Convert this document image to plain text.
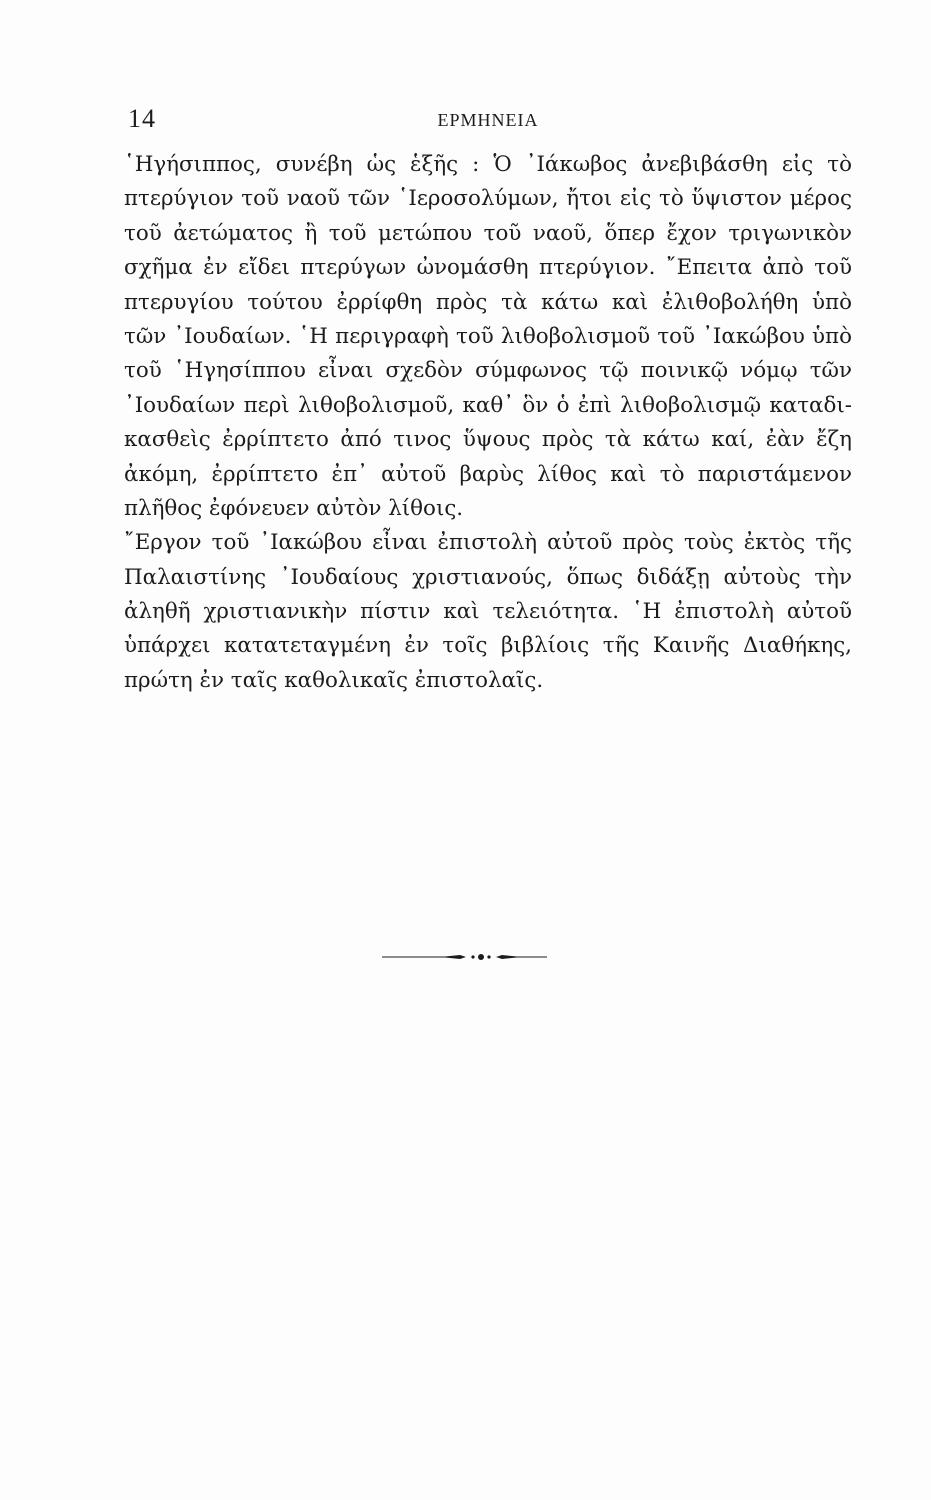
14	ΕΡΜΗΝΕΙΑ
῾Ηγήσιππος, συνέβη ὡς ἑξῆς : Ὁ ᾽Ιάκωβος ἀνεβιβάσθη εἰς τὸ
πτερύγιον τοῦ ναοῦ τῶν ῾Ιεροσολύμων, ἤτοι εἰς τὸ ὕψιστον μέρος
τοῦ ἀετώματος ἢ τοῦ μετώπου τοῦ ναοῦ, ὅπερ ἔχον τριγωνικὸν
σχῆμα ἐν εἴδει πτερύγων ὠνομάσθη πτερύγιον. ῎Επειτα ἀπὸ τοῦ
πτερυγίου τούτου ἐρρίφθη πρὸς τὰ κάτω καὶ ἐλιθοβολήθη ὑπὸ
τῶν ᾽Ιουδαίων. ῾Η περιγραφὴ τοῦ λιθοβολισμοῦ τοῦ ᾽Ιακώβου ὑπὸ
τοῦ ῾Ηγησίππου εἶναι σχεδὸν σύμφωνος τῷ ποινικῷ νόμῳ τῶν
᾽Ιουδαίων περὶ λιθοβολισμοῦ, καθ᾽ ὃν ὁ ἐπὶ λιθοβολισμῷ καταδι-
κασθεὶς ἐρρίπτετο ἀπό τινος ὕψους πρὸς τὰ κάτω καί, ἐὰν ἔζη
ἀκόμη, ἐρρίπτετο ἐπ᾽ αὐτοῦ βαρὺς λίθος καὶ τὸ παριστάμενον
πλῆθος ἐφόνευεν αὐτὸν λίθοις.
῎Εργον τοῦ ᾽Ιακώβου εἶναι ἐπιστολὴ αὐτοῦ πρὸς τοὺς ἐκτὸς τῆς
Παλαιστίνης ᾽Ιουδαίους χριστιανούς, ὅπως διδάξῃ αὐτοὺς τὴν
ἀληθῆ χριστιανικὴν πίστιν καὶ τελειότητα. ῾Η ἐπιστολὴ αὐτοῦ
ὑπάρχει κατατεταγμένη ἐν τοῖς βιβλίοις τῆς Καινῆς Διαθήκης,
πρώτη ἐν ταῖς καθολικαῖς ἐπιστολαῖς.
